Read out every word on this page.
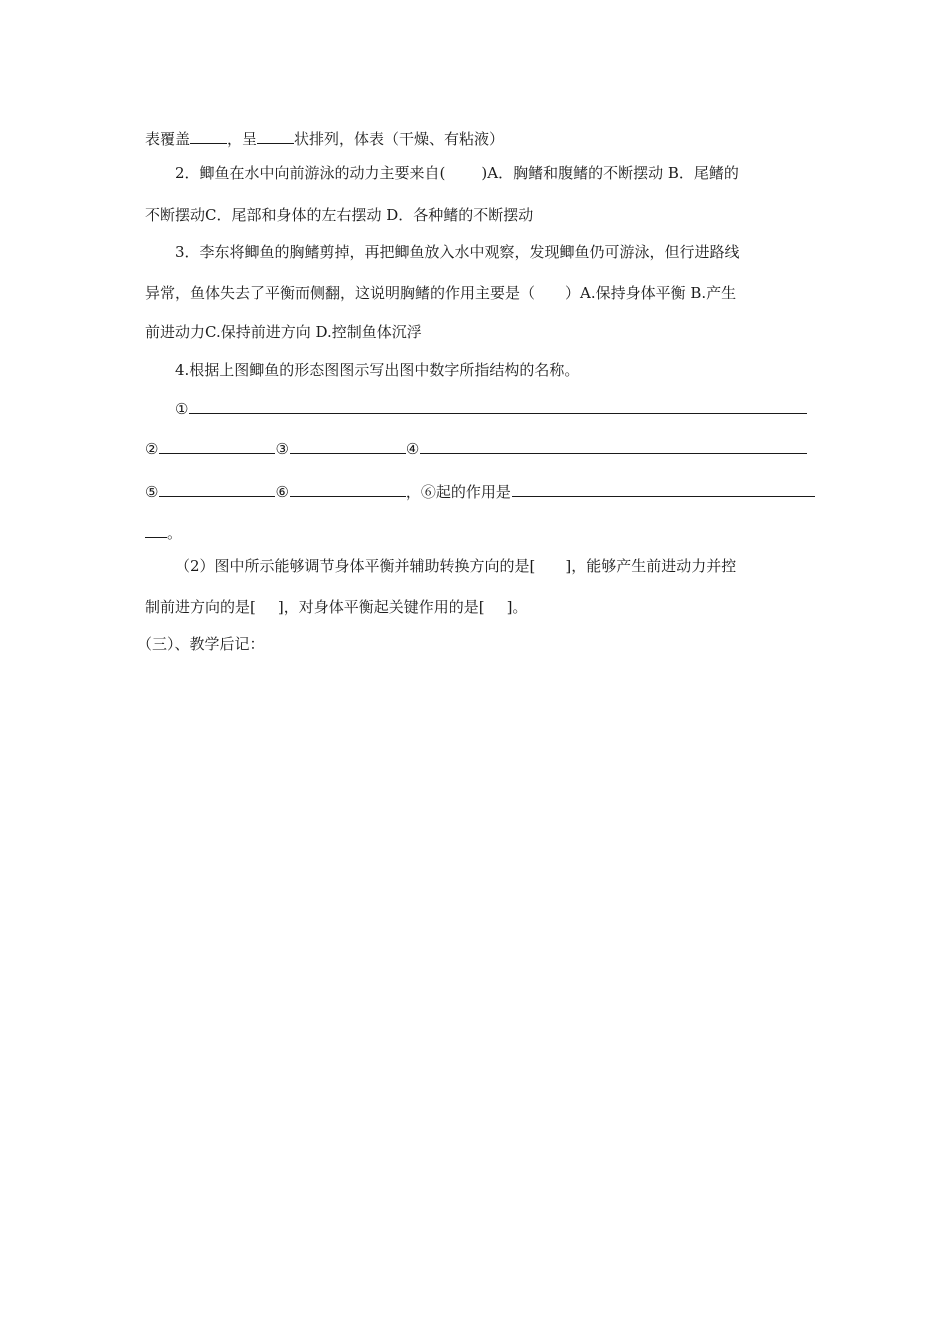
表覆盖 ，呈 状排列，体表（干燥、有粘液）
2．鲫鱼在水中向前游泳的动力主要来自( )A．胸鳍和腹鳍的不断摆动 B．尾鳍的
不断摆动C．尾部和身体的左右摆动 D．各种鳍的不断摆动
3．李东将鲫鱼的胸鳍剪掉，再把鲫鱼放入水中观察，发现鲫鱼仍可游泳，但行进路线
异常，鱼体失去了平衡而侧翻，这说明胸鳍的作用主要是（ ）A.保持身体平衡 B.产生
前进动力C.保持前进方向 D.控制鱼体沉浮
4.根据上图鲫鱼的形态图图示写出图中数字所指结构的名称。
①
②	③	④
⑤	⑥	， ⑥起的作用是
。
（2）图中所示能够调节身体平衡并辅助转换方向的是[ ]，能够产生前进动力并控
制前进方向的是[ ]，对身体平衡起关键作用的是[ ]。
（三）、教学后记：
